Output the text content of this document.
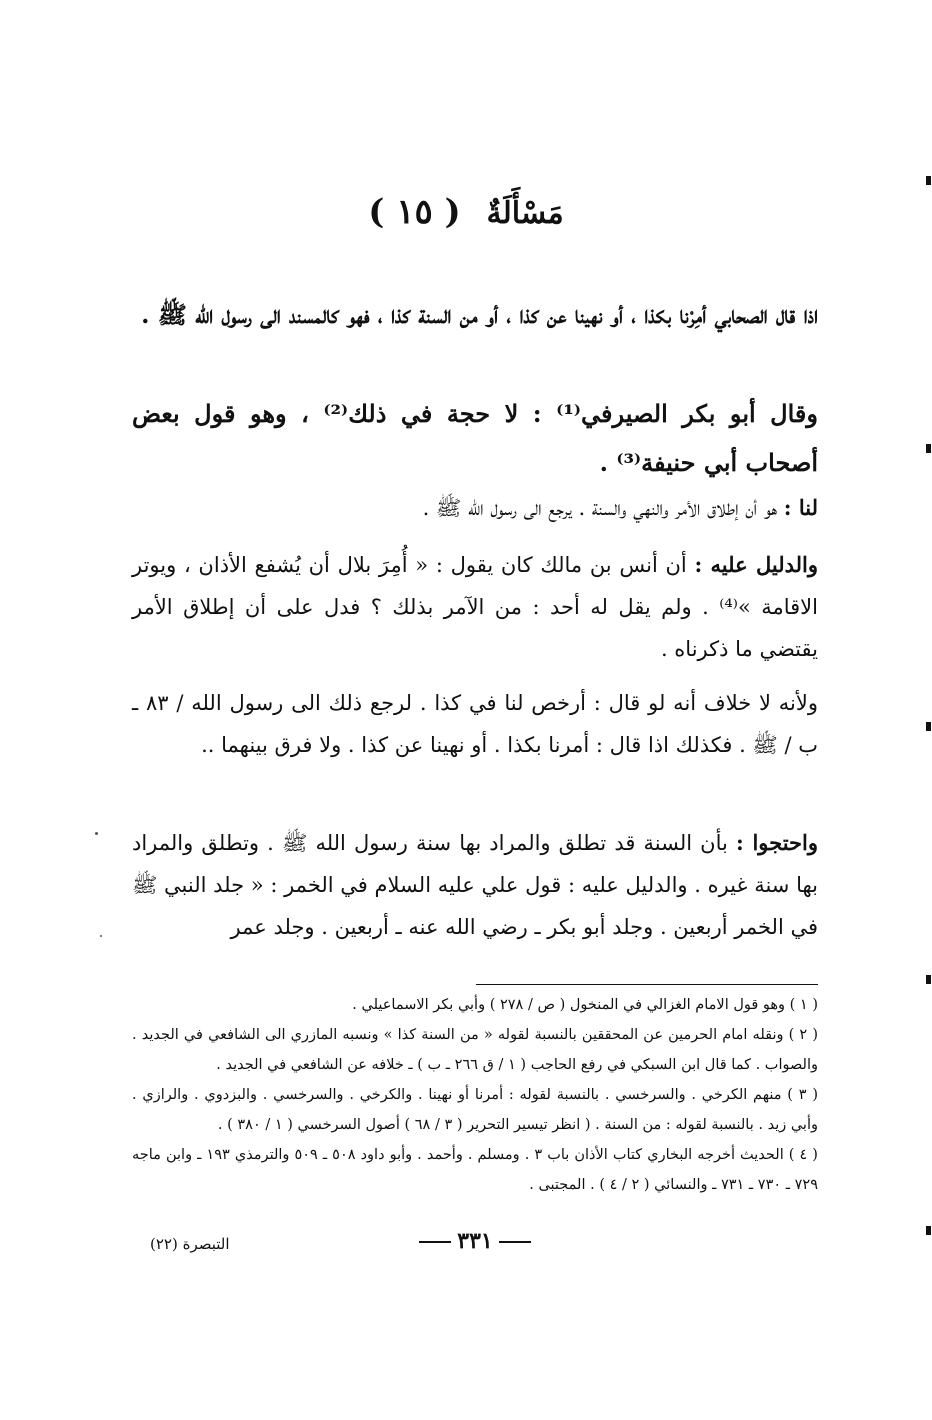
مَسْأَلَةٌ ( ١٥ )
اذا قال الصحابي أمِرْنا بكذا ، أو نهينا عن كذا ، أو من السنة كذا ، فهو كالمسند الى رسول الله ﷺ .
وقال أبو بكر الصيرفي⁽¹⁾ : لا حجة في ذلك⁽²⁾ ، وهو قول بعض أصحاب أبي حنيفة⁽³⁾ .
لنا : هو أن إطلاق الأمر والنهي والسنة . يرجع الى رسول الله ﷺ .
والدليل عليه : أن أنس بن مالك كان يقول : « أُمِرَ بلال أن يُشفع الأذان ، ويوتر الاقامة »⁽⁴⁾ . ولم يقل له أحد : من الآمر بذلك ؟ فدل على أن إطلاق الأمر يقتضي ما ذكرناه .
ولأنه لا خلاف أنه لو قال : أرخص لنا في كذا . لرجع ذلك الى رسول الله / ٨٣ ـ ب / ﷺ . فكذلك اذا قال : أمرنا بكذا . أو نهينا عن كذا . ولا فرق بينهما ..
واحتجوا : بأن السنة قد تطلق والمراد بها سنة رسول الله ﷺ . وتطلق والمراد بها سنة غيره . والدليل عليه : قول علي عليه السلام في الخمر : « جلد النبي ﷺ في الخمر أربعين . وجلد أبو بكر ـ رضي الله عنه ـ أربعين . وجلد عمر

( ١ ) وهو قول الامام الغزالي في المنخول ( ص / ٢٧٨ ) وأبي بكر الاسماعيلي .

( ٢ ) ونقله امام الحرمين عن المحققين بالنسبة لقوله « من السنة كذا » ونسبه المازري الى الشافعي في الجديد . والصواب . كما قال ابن السبكي في رفع الحاجب ( ١ / ق ٢٦٦ ـ ب ) ـ خلافه عن الشافعي في الجديد .

( ٣ ) منهم الكرخي . والسرخسي . بالنسبة لقوله : أمرنا أو نهينا . والكرخي . والسرخسي . والبزدوي . والرازي . وأبي زيد . بالنسبة لقوله : من السنة . ( انظر تيسير التحرير ( ٣ / ٦٨ ) أصول السرخسي ( ١ / ٣٨٠ ) .

( ٤ ) الحديث أخرجه البخاري كتاب الأذان باب ٣ . ومسلم . وأحمد . وأبو داود ٥٠٨ ـ ٥٠٩ والترمذي ١٩٣ ـ وابن ماجه ٧٢٩ ـ ٧٣٠ ـ ٧٣١ ـ والنسائي ( ٢ / ٤ ) . المجتبى .

٣٣١
التبصرة (٢٢)
